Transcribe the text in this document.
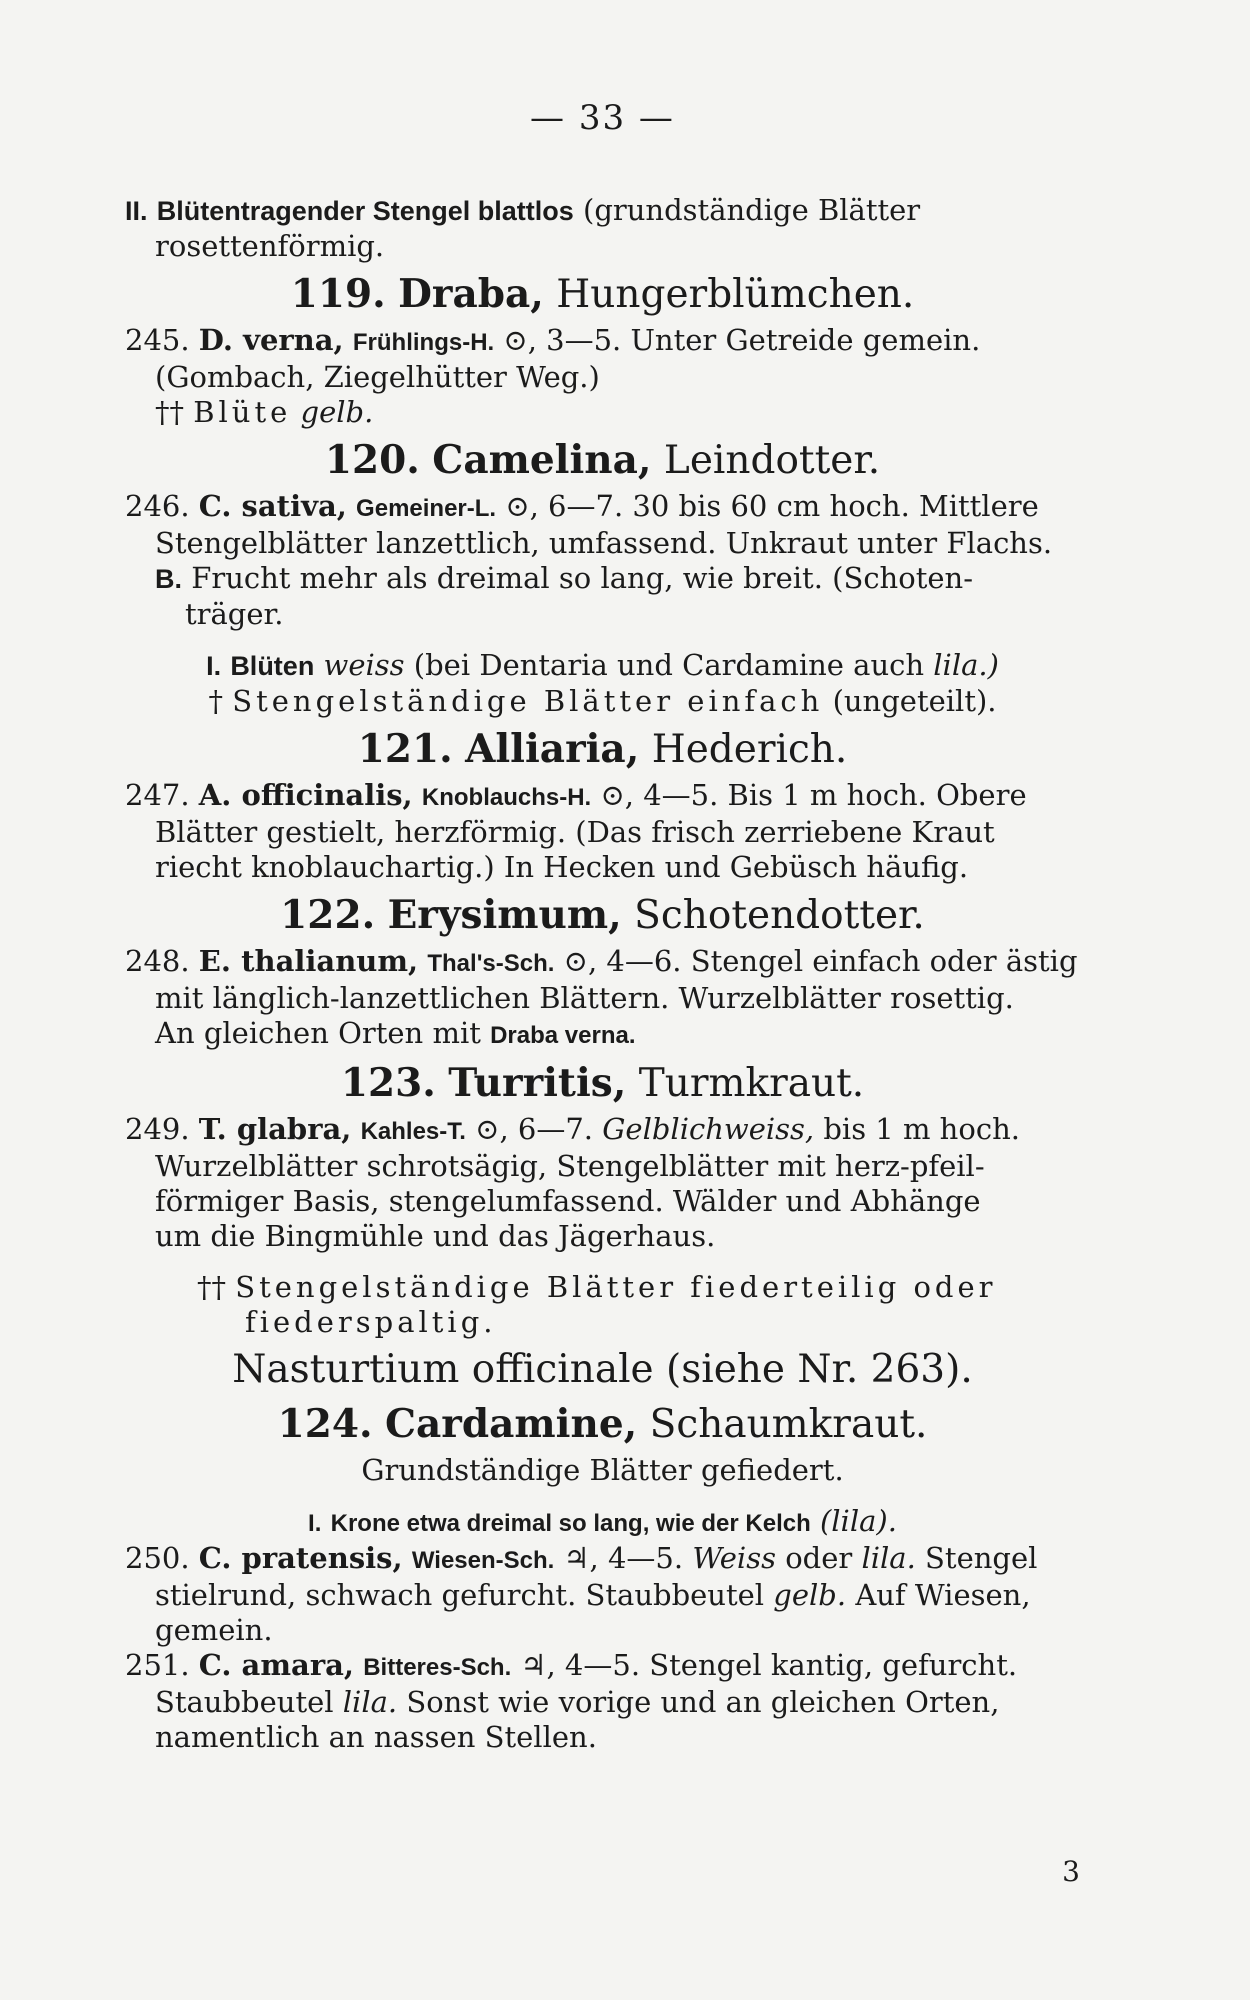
— 33 —

II. Blütentragender Stengel blattlos (grundständige Blätter

rosettenförmig.

119. Draba, Hungerblümchen.

245. D. verna, Frühlings-H. ⊙, 3—5. Unter Getreide gemein.

(Gombach, Ziegelhütter Weg.)

†† Blüte gelb.

120. Camelina, Leindotter.

246. C. sativa, Gemeiner-L. ⊙, 6—7. 30 bis 60 cm hoch. Mittlere

Stengelblätter lanzettlich, umfassend. Unkraut unter Flachs.

B. Frucht mehr als dreimal so lang, wie breit. (Schoten-

träger.

I. Blüten weiss (bei Dentaria und Cardamine auch lila.)

† Stengelständige Blätter einfach (ungeteilt).

121. Alliaria, Hederich.

247. A. officinalis, Knoblauchs-H. ⊙, 4—5. Bis 1 m hoch. Obere

Blätter gestielt, herzförmig. (Das frisch zerriebene Kraut

riecht knoblauchartig.) In Hecken und Gebüsch häufig.

122. Erysimum, Schotendotter.

248. E. thalianum, Thal's-Sch. ⊙, 4—6. Stengel einfach oder ästig

mit länglich-lanzettlichen Blättern. Wurzelblätter rosettig.

An gleichen Orten mit Draba verna.

123. Turritis, Turmkraut.

249. T. glabra, Kahles-T. ⊙, 6—7. Gelblichweiss, bis 1 m hoch.

Wurzelblätter schrotsägig, Stengelblätter mit herz-pfeil-

förmiger Basis, stengelumfassend. Wälder und Abhänge

um die Bingmühle und das Jägerhaus.

†† Stengelständige Blätter fiederteilig oder

fiederspaltig.

Nasturtium officinale (siehe Nr. 263).
124. Cardamine, Schaumkraut.

Grundständige Blätter gefiedert.

I. Krone etwa dreimal so lang, wie der Kelch (lila).

250. C. pratensis, Wiesen-Sch. ♃, 4—5. Weiss oder lila. Stengel

stielrund, schwach gefurcht. Staubbeutel gelb. Auf Wiesen,

gemein.

251. C. amara, Bitteres-Sch. ♃, 4—5. Stengel kantig, gefurcht.

Staubbeutel lila. Sonst wie vorige und an gleichen Orten,

namentlich an nassen Stellen.

3
